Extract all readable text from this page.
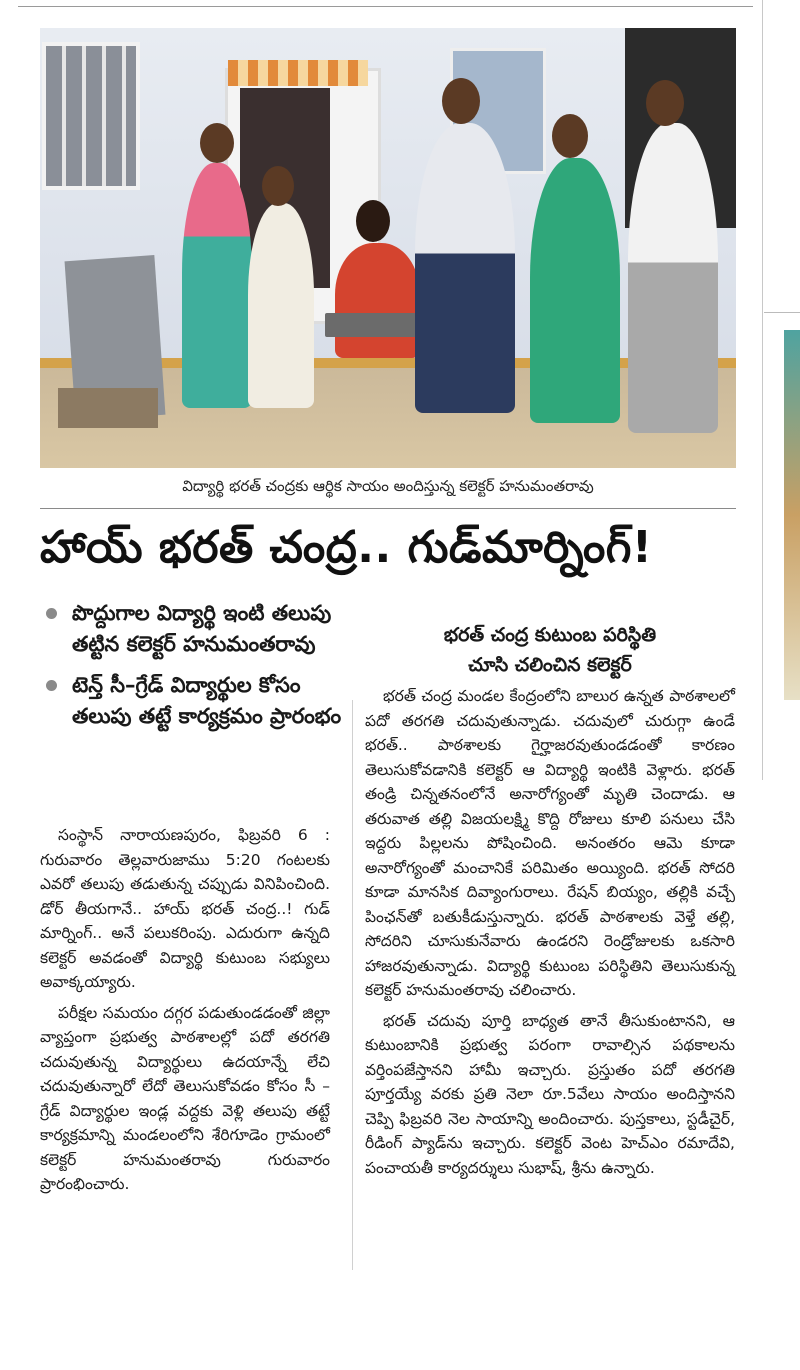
విద్యార్థి భరత్ చంద్రకు ఆర్థిక సాయం అందిస్తున్న కలెక్టర్ హనుమంతరావు
హాయ్ భరత్ చంద్ర.. గుడ్‌మార్నింగ్!
పొద్దుగాల విద్యార్థి ఇంటి తలుపు తట్టిన కలెక్టర్ హనుమంతరావు
టెన్త్ సీ–గ్రేడ్ విద్యార్థుల కోసం తలుపు తట్టే కార్యక్రమం ప్రారంభం
భరత్ చంద్ర కుటుంబ పరిస్థితి
చూసి చలించిన కలెక్టర్

సంస్థాన్ నారాయణపురం, ఫిబ్రవరి 6 : గురువారం తెల్లవారుజాము 5:20 గంటలకు ఎవరో తలుపు తడుతున్న చప్పుడు వినిపించింది. డోర్ తీయగానే.. హాయ్ భరత్ చంద్ర..! గుడ్ మార్నింగ్.. అనే పలుకరింపు. ఎదురుగా ఉన్నది కలెక్టర్ అవడంతో విద్యార్థి కుటుంబ సభ్యులు అవాక్కయ్యారు.

పరీక్షల సమయం దగ్గర పడుతుండడంతో జిల్లా వ్యాప్తంగా ప్రభుత్వ పాఠశాలల్లో పదో తరగతి చదువుతున్న విద్యార్థులు ఉదయాన్నే లేచి చదువుతున్నారో లేదో తెలుసుకోవడం కోసం సీ –గ్రేడ్ విద్యార్థుల ఇండ్ల వద్దకు వెళ్లి తలుపు తట్టే కార్యక్రమాన్ని మండలంలోని శేరిగూడెం గ్రామంలో కలెక్టర్ హనుమంతరావు గురువారం ప్రారంభించారు.

భరత్ చంద్ర మండల కేంద్రంలోని బాలుర ఉన్నత పాఠశాలలో పదో తరగతి చదువుతున్నాడు. చదువులో చురుగ్గా ఉండే భరత్.. పాఠశాలకు గైర్హాజరవుతుండడంతో కారణం తెలుసుకోవడానికి కలెక్టర్ ఆ విద్యార్థి ఇంటికి వెళ్లారు. భరత్ తండ్రి చిన్నతనంలోనే అనారోగ్యంతో మృతి చెందాడు. ఆ తరువాత తల్లి విజయలక్ష్మి కొద్ది రోజులు కూలి పనులు చేసి ఇద్దరు పిల్లలను పోషించింది. అనంతరం ఆమె కూడా అనారోగ్యంతో మంచానికే పరిమితం అయ్యింది. భరత్ సోదరి కూడా మానసిక దివ్యాంగురాలు. రేషన్ బియ్యం, తల్లికి వచ్చే పింఛన్‌తో బతుకీడుస్తున్నారు. భరత్ పాఠశాలకు వెళ్తే తల్లి, సోదరిని చూసుకునేవారు ఉండరని రెండ్రోజులకు ఒకసారి హాజరవుతున్నాడు. విద్యార్థి కుటుంబ పరిస్థితిని తెలుసుకున్న కలెక్టర్ హనుమంతరావు చలించారు.

భరత్ చదువు పూర్తి బాధ్యత తానే తీసుకుంటానని, ఆ కుటుంబానికి ప్రభుత్వ పరంగా రావాల్సిన పథకాలను వర్తింపజేస్తానని హామీ ఇచ్చారు. ప్రస్తుతం పదో తరగతి పూర్తయ్యే వరకు ప్రతి నెలా రూ.5వేలు సాయం అందిస్తానని చెప్పి ఫిబ్రవరి నెల సాయాన్ని అందించారు. పుస్తకాలు, స్టడీచైర్, రీడింగ్ ప్యాడ్‌ను ఇచ్చారు. కలెక్టర్ వెంట హెచ్‌ఎం రమాదేవి, పంచాయతీ కార్యదర్శులు సుభాష్, శ్రీను ఉన్నారు.
